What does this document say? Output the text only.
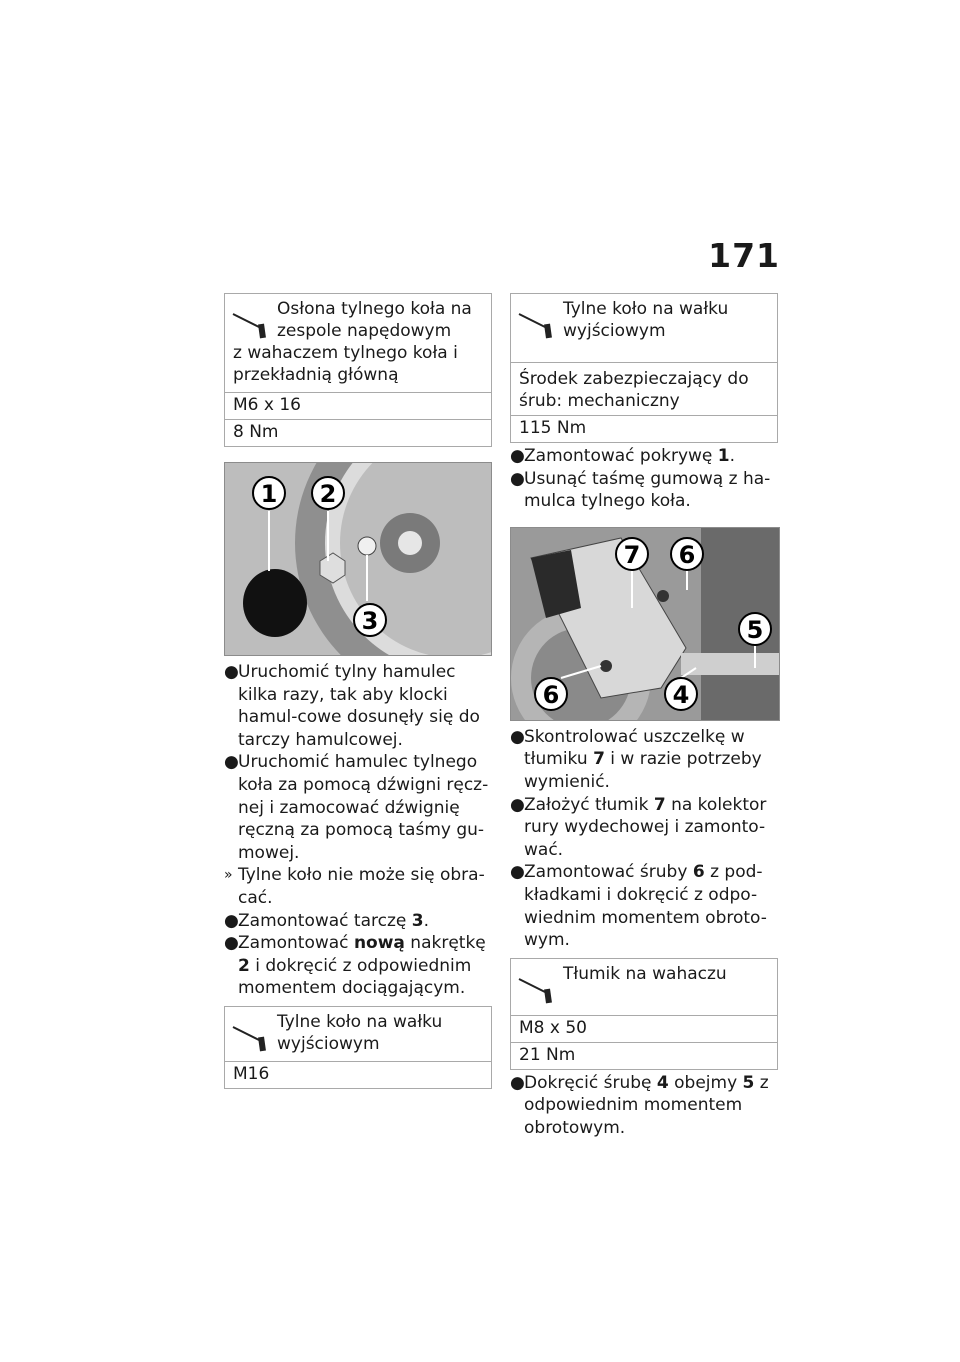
171
Osłona tylnego koła na
zespole napędowym
z wahaczem tylnego koła i przekładnią główną
M6 x 16
8 Nm
1 2
3
● Uruchomić tylny hamulec kilka razy, tak aby klocki hamul-cowe dosunęły się do tarczy hamulcowej.
● Uruchomić hamulec tylnego koła za pomocą dźwigni ręcz-nej i zamocować dźwignię ręczną za pomocą taśmy gu-mowej.
» Tylne koło nie może się obra-cać.
● Zamontować tarczę 3.
● Zamontować nową nakrętkę 2 i dokręcić z odpowiednim momentem dociągającym.
Tylne koło na wałku wyjściowym
M16
Tylne koło na wałku wyjściowym
Środek zabezpieczający do śrub: mechaniczny
115 Nm
● Zamontować pokrywę 1.
● Usunąć taśmę gumową z ha-mulca tylnego koła.
7 6
5
6	4
● Skontrolować uszczelkę w tłumiku 7 i w razie potrzeby wymienić.
● Założyć tłumik 7 na kolektor rury wydechowej i zamonto-wać.
● Zamontować śruby 6 z pod-kładkami i dokręcić z odpo-wiednim momentem obroto-wym.
Tłumik na wahaczu
M8 x 50
21 Nm
● Dokręcić śrubę 4 obejmy 5 z odpowiednim momentem obrotowym.
